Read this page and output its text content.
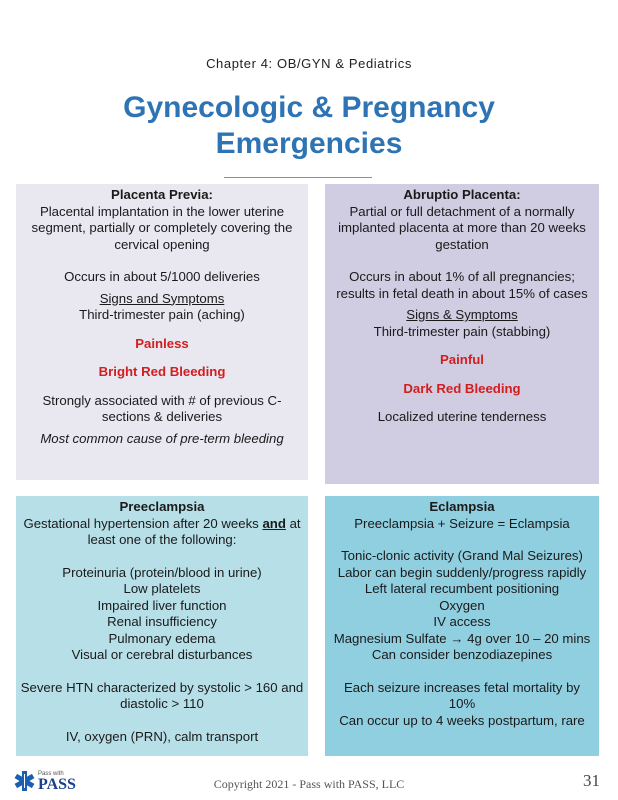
Chapter 4: OB/GYN & Pediatrics
Gynecologic & Pregnancy
Emergencies

Placenta Previa:

Placental implantation in the lower uterine segment, partially or completely covering the cervical opening

Occurs in about 5/1000 deliveries

Signs and Symptoms

Third-trimester pain (aching)

Painless

Bright Red Bleeding

Strongly associated with # of previous C-sections & deliveries

Most common cause of pre-term bleeding

Abruptio Placenta:

Partial or full detachment of a normally implanted placenta at more than 20 weeks gestation

Occurs in about 1% of all pregnancies; results in fetal death in about 15% of cases

Signs & Symptoms

Third-trimester pain (stabbing)

Painful

Dark Red Bleeding

Localized uterine tenderness

Preeclampsia

Gestational hypertension after 20 weeks and at least one of the following:

Proteinuria (protein/blood in urine)

Low platelets

Impaired liver function

Renal insufficiency

Pulmonary edema

Visual or cerebral disturbances

Severe HTN characterized by systolic > 160 and diastolic > 110

IV, oxygen (PRN), calm transport

Eclampsia

Preeclampsia + Seizure = Eclampsia

Tonic-clonic activity (Grand Mal Seizures)

Labor can begin suddenly/progress rapidly

Left lateral recumbent positioning

Oxygen

IV access

Magnesium Sulfate → 4g over 10 – 20 mins

Can consider benzodiazepines

Each seizure increases fetal mortality by 10%

Can occur up to 4 weeks postpartum, rare

Pass with
PASS	Copyright 2021 - Pass with PASS, LLC	31
